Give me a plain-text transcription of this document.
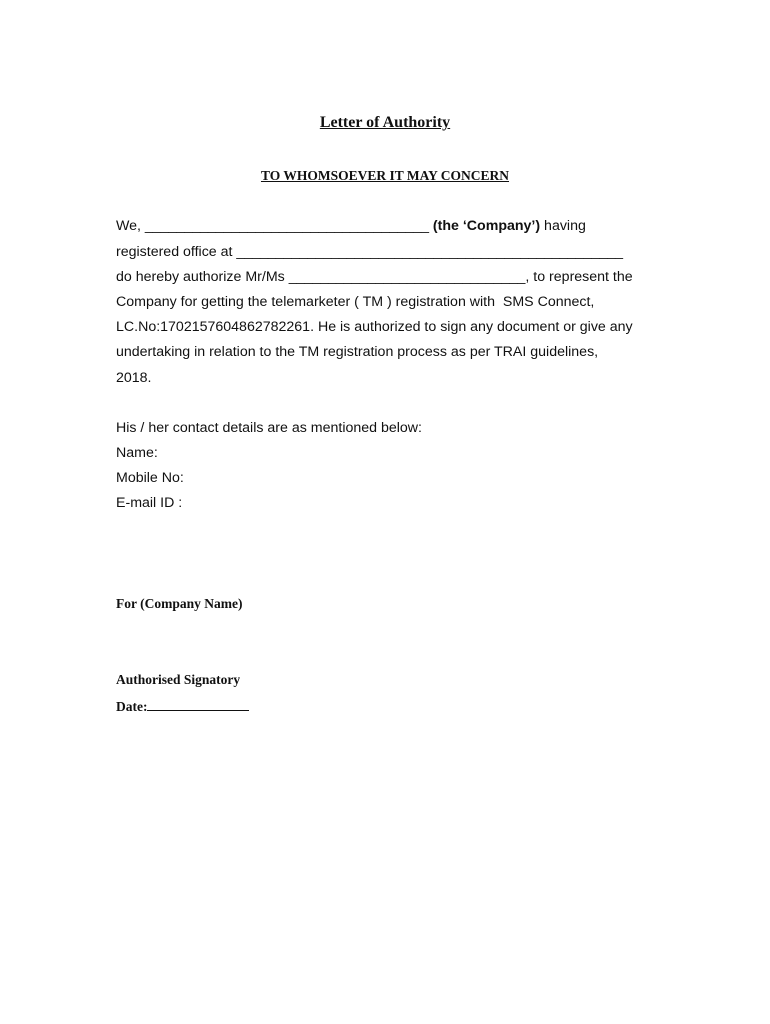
Letter of Authority
TO WHOMSOEVER IT MAY CONCERN
We, ____________________________________ (the ‘Company’) having
registered office at _________________________________________________
do hereby authorize Mr/Ms ______________________________, to represent the
Company for getting the telemarketer ( TM ) registration with  SMS Connect,
LC.No:1702157604862782261. He is authorized to sign any document or give any
undertaking in relation to the TM registration process as per TRAI guidelines,
2018.
His / her contact details are as mentioned below:
Name:
Mobile No:
E-mail ID :
For (Company Name)
Authorised Signatory
Date:
